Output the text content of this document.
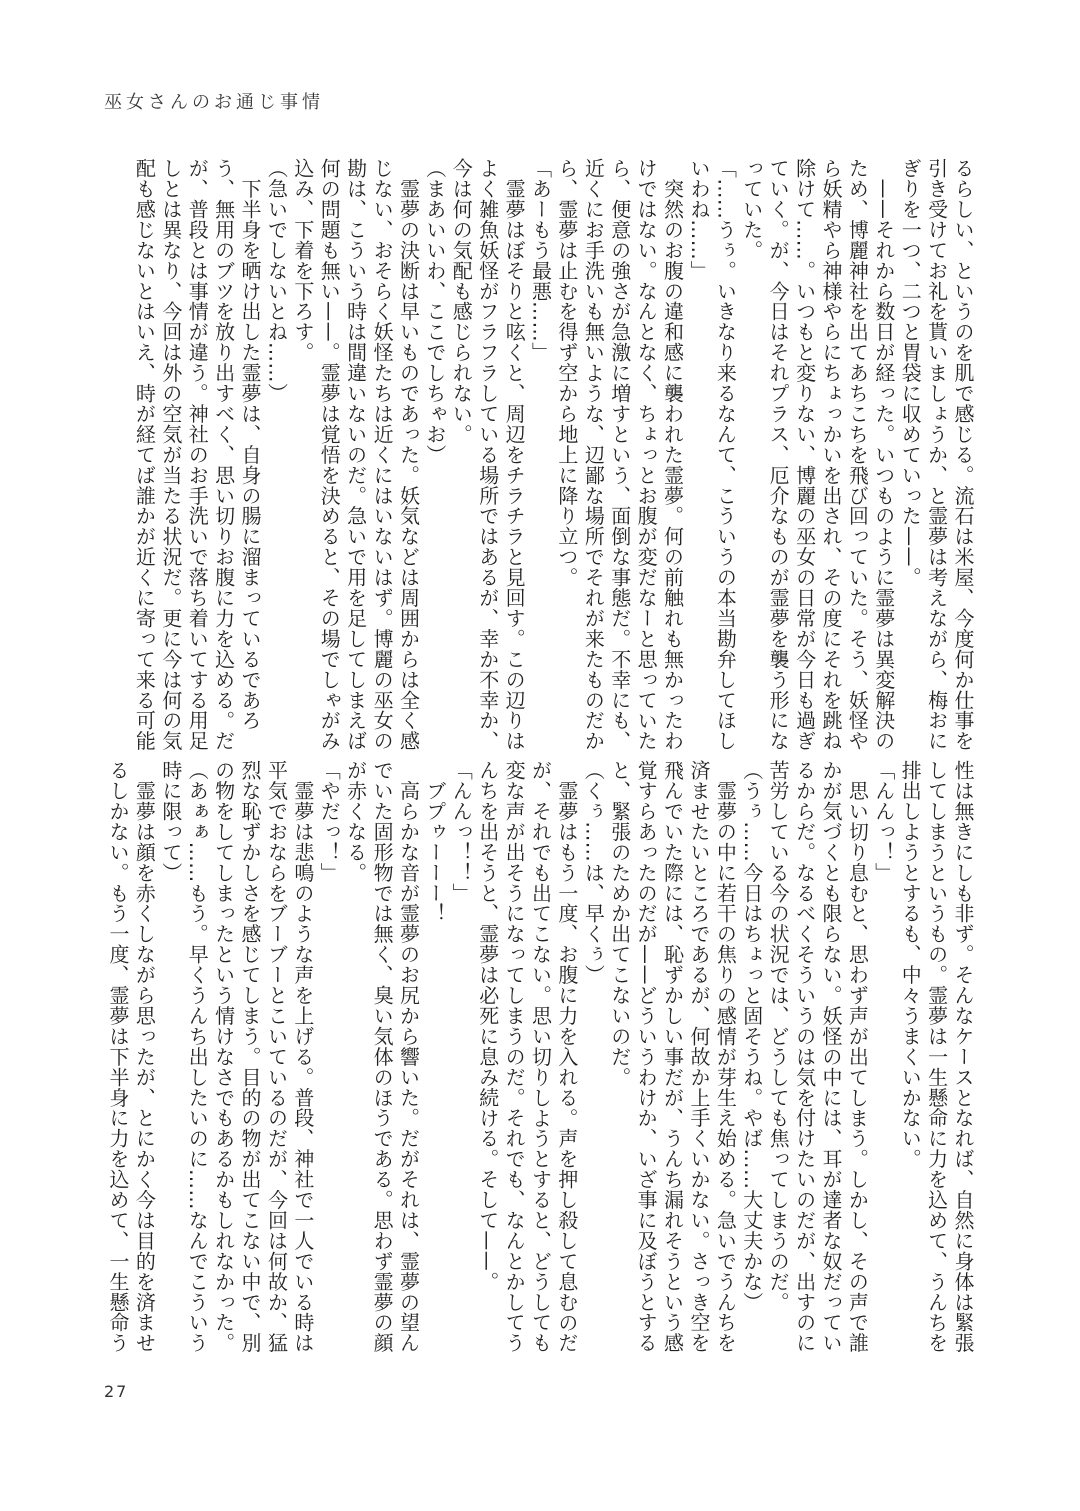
巫女さんのお通じ事情
るらしい、というのを肌で感じる。流石は米屋、今度何か仕事を
引き受けてお礼を貰いましょうか、と霊夢は考えながら、梅おに
ぎりを一つ、二つと胃袋に収めていった——。
　——それから数日が経った。いつものように霊夢は異変解決の
ため、博麗神社を出てあちこちを飛び回っていた。そう、妖怪や
ら妖精やら神様やらにちょっかいを出され、その度にそれを跳ね
除けて……。いつもと変りない、博麗の巫女の日常が今日も過ぎ
ていく。が、今日はそれプラス、厄介なものが霊夢を襲う形にな
っていた。
「……うぅ。いきなり来るなんて、こういうの本当勘弁してほし
いわね……」
　突然のお腹の違和感に襲われた霊夢。何の前触れも無かったわ
けではない。なんとなく、ちょっとお腹が変だなーと思っていた
ら、便意の強さが急激に増すという、面倒な事態だ。不幸にも、
近くにお手洗いも無いような、辺鄙な場所でそれが来たものだか
ら、霊夢は止むを得ず空から地上に降り立つ。
「あーもう最悪……」
　霊夢はぼそりと呟くと、周辺をチラチラと見回す。この辺りは
よく雑魚妖怪がフラフラしている場所ではあるが、幸か不幸か、
今は何の気配も感じられない。
（まあいいわ、ここでしちゃお）
　霊夢の決断は早いものであった。妖気などは周囲からは全く感
じない、おそらく妖怪たちは近くにはいないはず。博麗の巫女の
勘は、こういう時は間違いないのだ。急いで用を足してしまえば
何の問題も無い——。霊夢は覚悟を決めると、その場でしゃがみ
込み、下着を下ろす。
（急いでしないとね……）
　下半身を晒け出した霊夢は、自身の腸に溜まっているであろ
う、無用のブツを放り出すべく、思い切りお腹に力を込める。だ
が、普段とは事情が違う。神社のお手洗いで落ち着いてする用足
しとは異なり、今回は外の空気が当たる状況だ。更に今は何の気
配も感じないとはいえ、時が経てば誰かが近くに寄って来る可能
性は無きにしも非ず。そんなケースとなれば、自然に身体は緊張
してしまうというもの。霊夢は一生懸命に力を込めて、うんちを
排出しようとするも、中々うまくいかない。
「んんっ！」
　思い切り息むと、思わず声が出てしまう。しかし、その声で誰
かが気づくとも限らない。妖怪の中には、耳が達者な奴だってい
るからだ。なるべくそういうのは気を付けたいのだが、出すのに
苦労している今の状況では、どうしても焦ってしまうのだ。
（うぅ……今日はちょっと固そうね。やば……大丈夫かな）
　霊夢の中に若干の焦りの感情が芽生え始める。急いでうんちを
済ませたいところであるが、何故か上手くいかない。さっき空を
飛んでいた際には、恥ずかしい事だが、うんち漏れそうという感
覚すらあったのだが——どういうわけか、いざ事に及ぼうとする
と、緊張のためか出てこないのだ。
（くぅ……は、早くぅ）
　霊夢はもう一度、お腹に力を入れる。声を押し殺して息むのだ
が、それでも出てこない。思い切りしようとすると、どうしても
変な声が出そうになってしまうのだ。それでも、なんとかしてう
んちを出そうと、霊夢は必死に息み続ける。そして——。
「んんっ！！」
　ブプゥーーー！
　高らかな音が霊夢のお尻から響いた。だがそれは、霊夢の望ん
でいた固形物では無く、臭い気体のほうである。思わず霊夢の顔
が赤くなる。
「やだっ！」
　霊夢は悲鳴のような声を上げる。普段、神社で一人でいる時は
平気でおならをブーブーとこいているのだが、今回は何故か、猛
烈な恥ずかしさを感じてしまう。目的の物が出てこない中で、別
の物をしてしまったという情けなさでもあるかもしれなかった。
（あぁぁ……もう。早くうんち出したいのに……なんでこういう
時に限って）
　霊夢は顔を赤くしながら思ったが、とにかく今は目的を済ませ
るしかない。もう一度、霊夢は下半身に力を込めて、一生懸命う
27
